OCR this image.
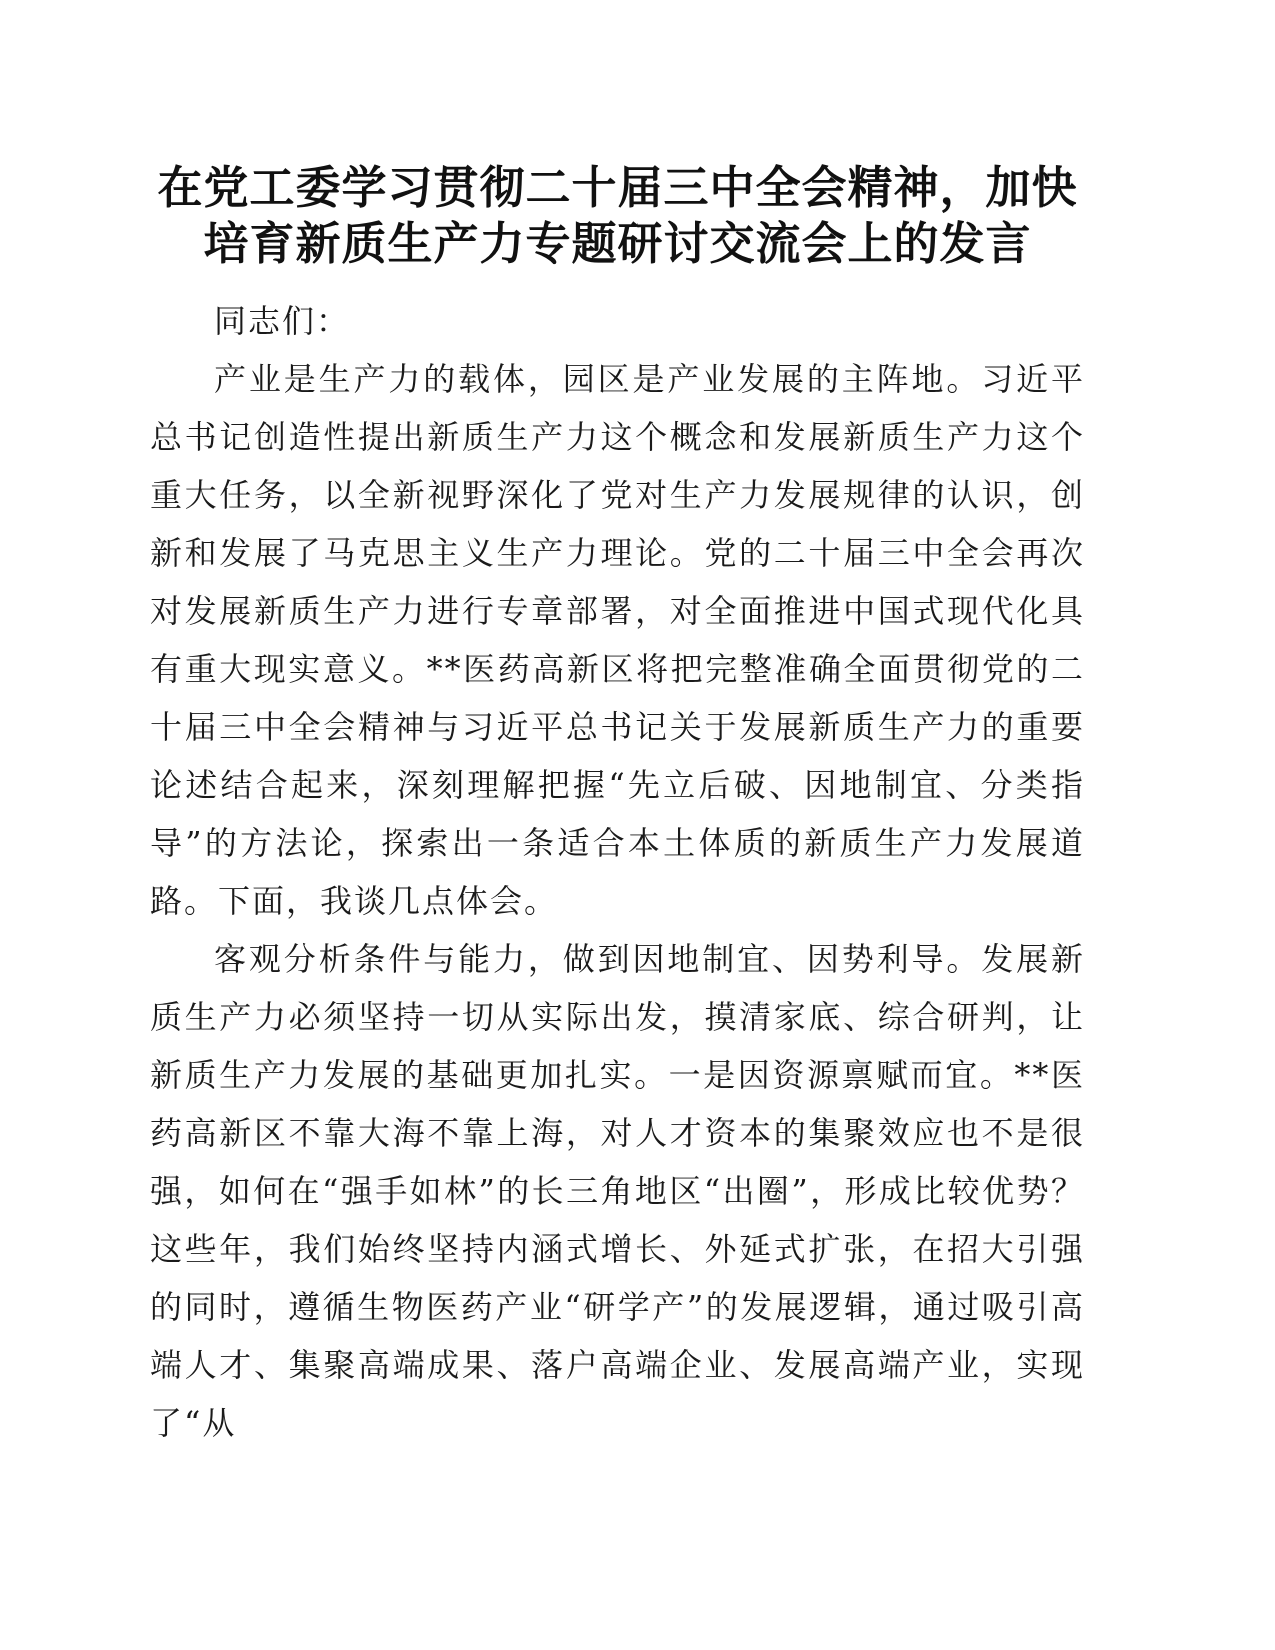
在党工委学习贯彻二十届三中全会精神，加快
培育新质生产力专题研讨交流会上的发言

同志们：

产业是生产力的载体，园区是产业发展的主阵地。习近平总书记创造性提出新质生产力这个概念和发展新质生产力这个重大任务，以全新视野深化了党对生产力发展规律的认识，创新和发展了马克思主义生产力理论。党的二十届三中全会再次对发展新质生产力进行专章部署，对全面推进中国式现代化具有重大现实意义。**医药高新区将把完整准确全面贯彻党的二十届三中全会精神与习近平总书记关于发展新质生产力的重要论述结合起来，深刻理解把握“先立后破、因地制宜、分类指导”的方法论，探索出一条适合本土体质的新质生产力发展道路。下面，我谈几点体会。

客观分析条件与能力，做到因地制宜、因势利导。发展新质生产力必须坚持一切从实际出发，摸清家底、综合研判，让新质生产力发展的基础更加扎实。一是因资源禀赋而宜。**医药高新区不靠大海不靠上海，对人才资本的集聚效应也不是很强，如何在“强手如林”的长三角地区“出圈”，形成比较优势？这些年，我们始终坚持内涵式增长、外延式扩张，在招大引强的同时，遵循生物医药产业“研学产”的发展逻辑，通过吸引高端人才、集聚高端成果、落户高端企业、发展高端产业，实现了“从
